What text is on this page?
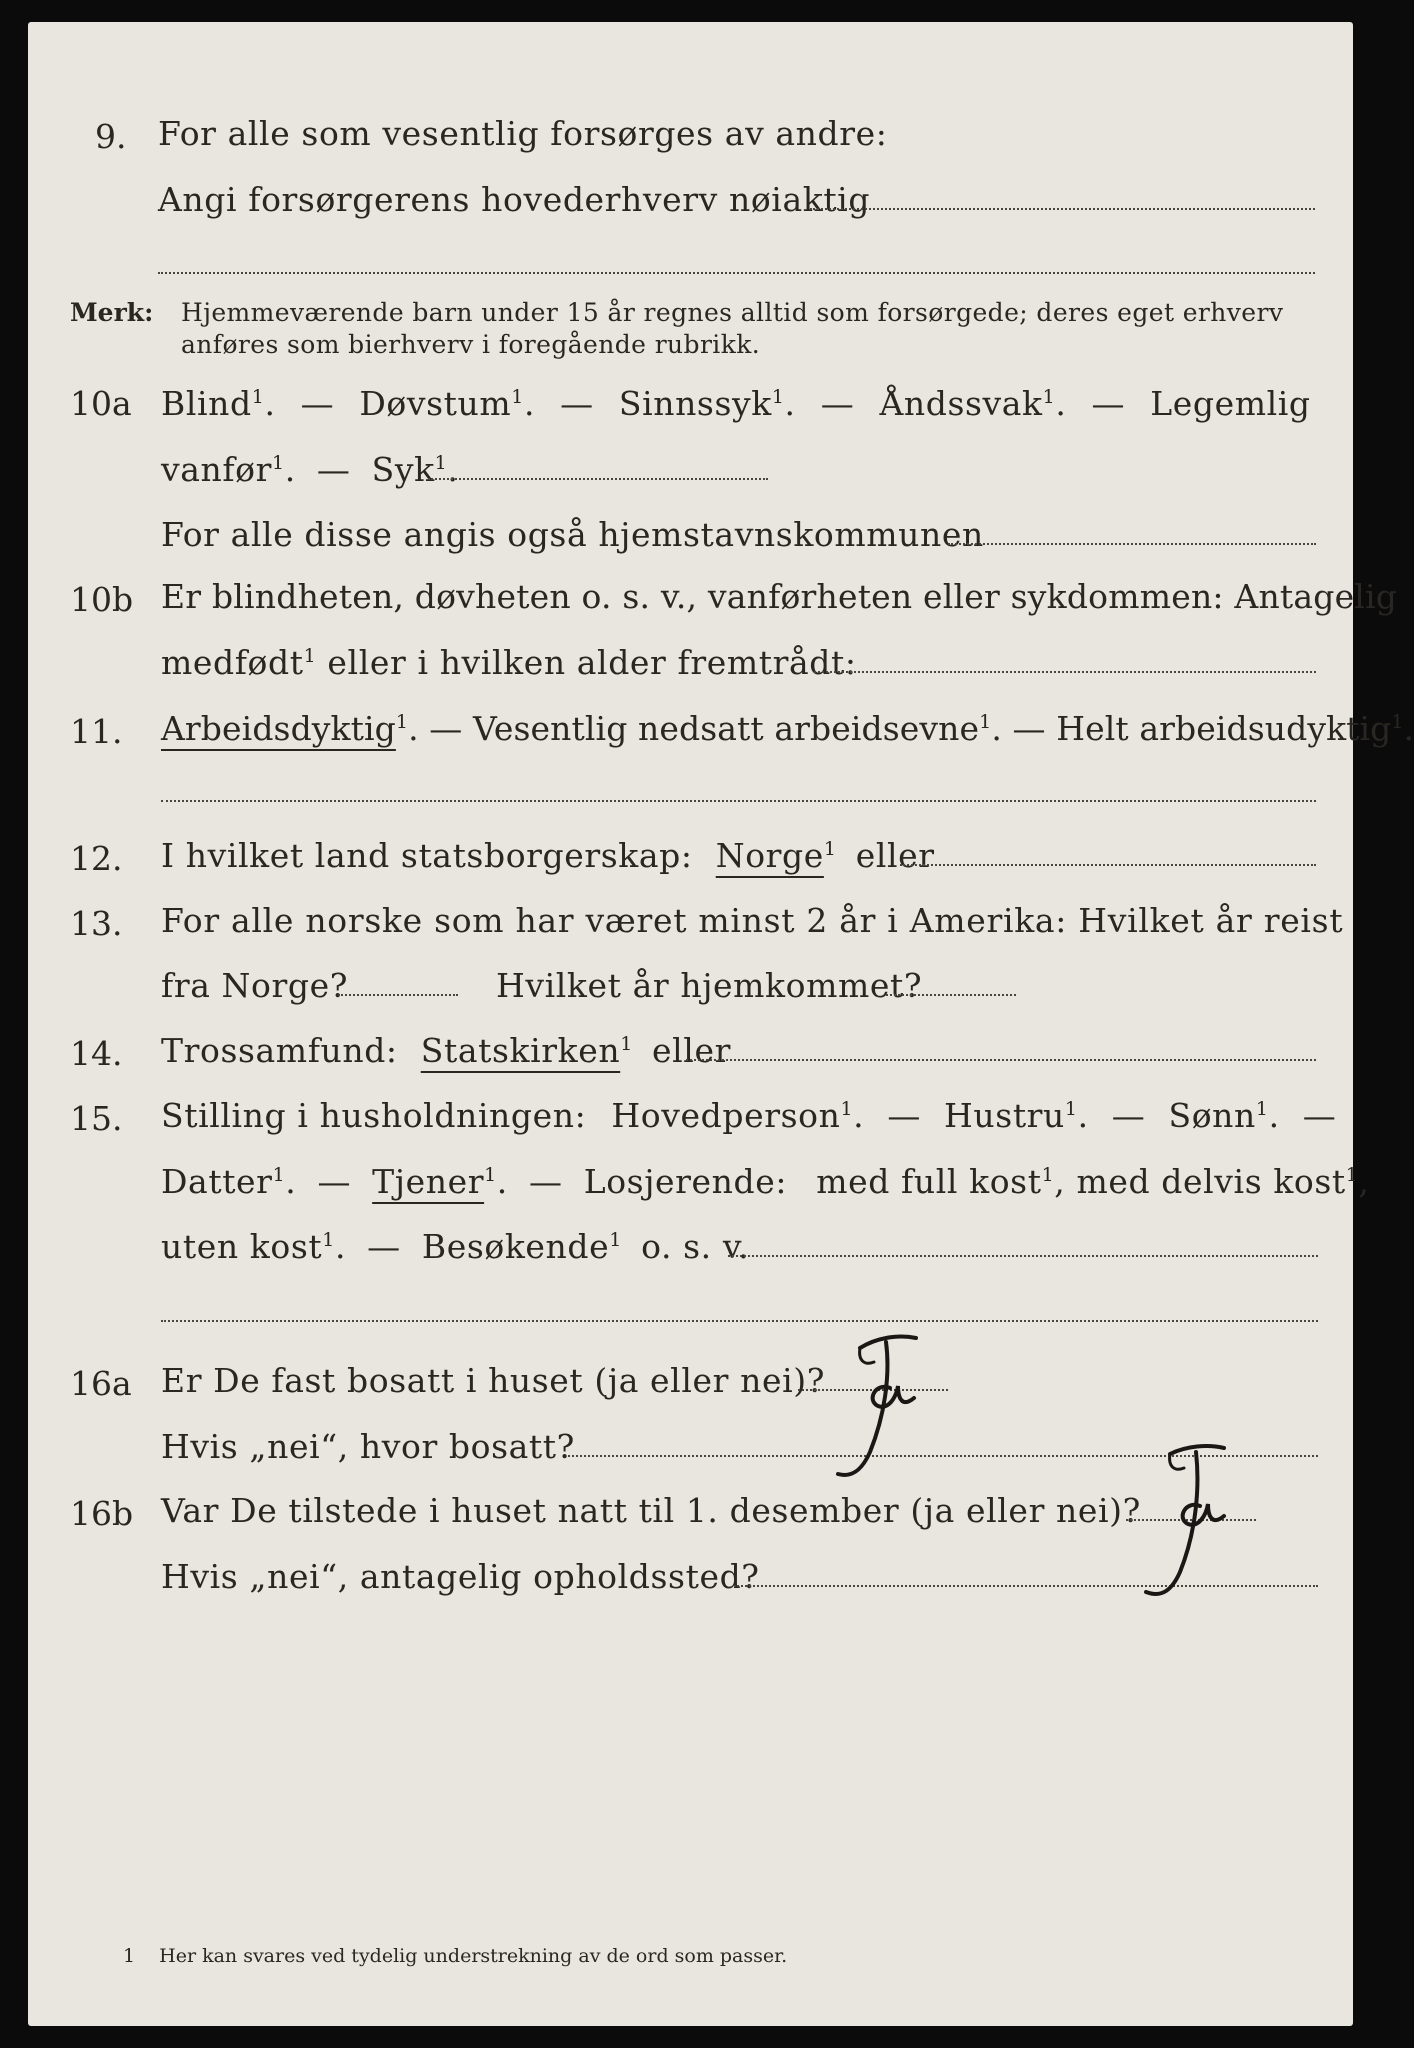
9. For alle som vesentlig forsørges av andre:
Angi forsørgerens hovederhverv nøiaktig
Merk: Hjemmeværende barn under 15 år regnes alltid som forsørgede; deres eget erhverv
anføres som bierhverv i foregående rubrikk.
10a Blind$^1$. — Døvstum$^1$. — Sinnssyk$^1$. — Åndssvak$^1$. — Legemlig
vanfør$^1$. — Syk$^1$.
For alle disse angis også hjemstavnskommunen
10b Er blindheten, døvheten o. s. v., vanførheten eller sykdommen: Antagelig
medfødt$^1$ eller i hvilken alder fremtrådt:
11. Arbeidsdyktig$^1$. — Vesentlig nedsatt arbeidsevne$^1$. — Helt arbeidsudyktig$^1$.
12. I hvilket land statsborgerskap: Norge$^1$ eller
13. For alle norske som har været minst 2 år i Amerika: Hvilket år reist
fra Norge?	Hvilket år hjemkommet?
14. Trossamfund: Statskirken$^1$ eller
15. Stilling i husholdningen: Hovedperson$^1$. — Hustru$^1$. — Sønn$^1$. —
Datter$^1$. — Tjener$^1$. — Losjerende: med full kost$^1$, med delvis kost$^1$,
uten kost$^1$. — Besøkende$^1$ o. s. v.
16a Er De fast bosatt i huset (ja eller nei)?
Hvis „nei“, hvor bosatt?
16b Var De tilstede i huset natt til 1. desember (ja eller nei)?
Hvis „nei“, antagelig opholdssted?
1 Her kan svares ved tydelig understrekning av de ord som passer.
